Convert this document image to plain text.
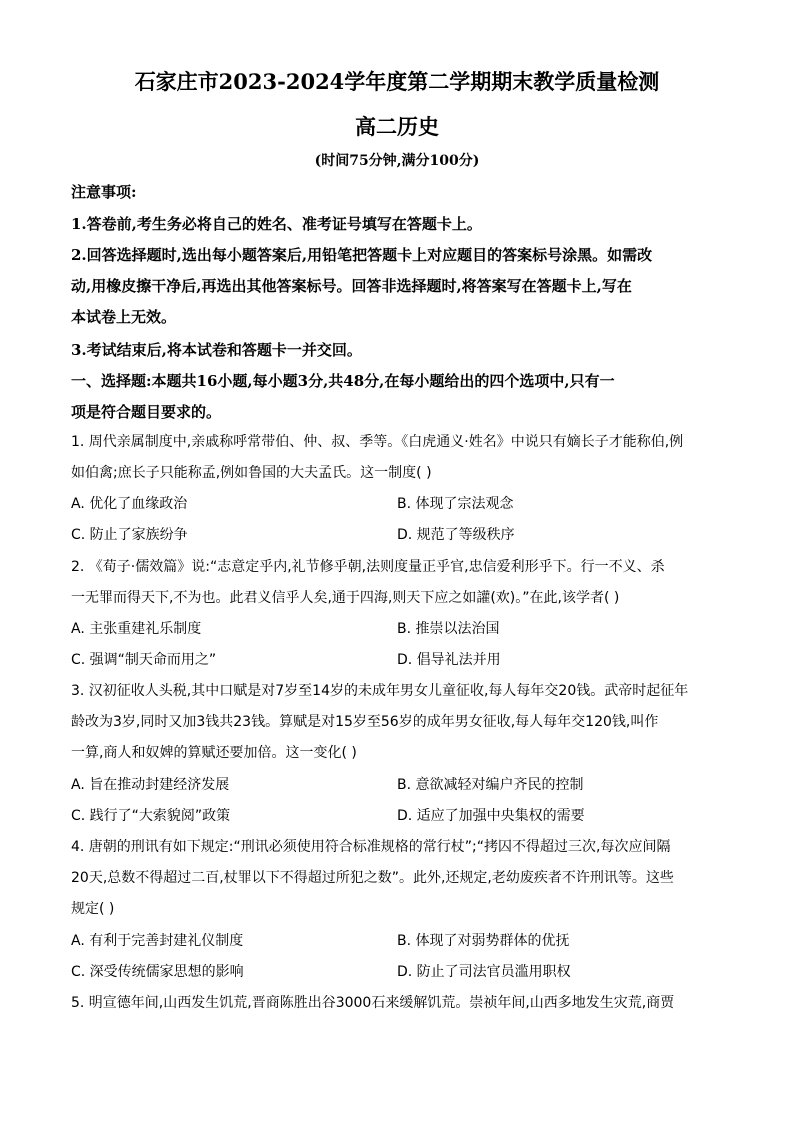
石家庄市2023-2024学年度第二学期期末教学质量检测
高二历史
(时间75分钟,满分100分)
注意事项:
1.答卷前,考生务必将自己的姓名、准考证号填写在答题卡上。
2.回答选择题时,选出每小题答案后,用铅笔把答题卡上对应题目的答案标号涂黑。如需改
动,用橡皮擦干净后,再选出其他答案标号。回答非选择题时,将答案写在答题卡上,写在
本试卷上无效。
3.考试结束后,将本试卷和答题卡一并交回。
一、选择题:本题共16小题,每小题3分,共48分,在每小题给出的四个选项中,只有一
项是符合题目要求的。
1. 周代亲属制度中,亲戚称呼常带伯、仲、叔、季等。《白虎通义·姓名》中说只有嫡长子才能称伯,例
如伯禽;庶长子只能称孟,例如鲁国的大夫孟氏。这一制度( )
A. 优化了血缘政治	B. 体现了宗法观念
C. 防止了家族纷争	D. 规范了等级秩序
2. 《荀子·儒效篇》说:“志意定乎内,礼节修乎朝,法则度量正乎官,忠信爱利形乎下。行一不义、杀
一无罪而得天下,不为也。此君义信乎人矣,通于四海,则天下应之如讙(欢)。”在此,该学者( )
A. 主张重建礼乐制度	B. 推崇以法治国
C. 强调“制天命而用之”	D. 倡导礼法并用
3. 汉初征收人头税,其中口赋是对7岁至14岁的未成年男女儿童征收,每人每年交20钱。武帝时起征年
龄改为3岁,同时又加3钱共23钱。算赋是对15岁至56岁的成年男女征收,每人每年交120钱,叫作
一算,商人和奴婢的算赋还要加倍。这一变化( )
A. 旨在推动封建经济发展	B. 意欲减轻对编户齐民的控制
C. 践行了“大索貌阅”政策	D. 适应了加强中央集权的需要
4. 唐朝的刑讯有如下规定:“刑讯必须使用符合标准规格的常行杖”;“拷囚不得超过三次,每次应间隔
20天,总数不得超过二百,杖罪以下不得超过所犯之数”。此外,还规定,老幼废疾者不许刑讯等。这些
规定( )
A. 有利于完善封建礼仪制度	B. 体现了对弱势群体的优抚
C. 深受传统儒家思想的影响	D. 防止了司法官员滥用职权
5. 明宣德年间,山西发生饥荒,晋商陈胜出谷3000石来缓解饥荒。崇祯年间,山西多地发生灾荒,商贾
